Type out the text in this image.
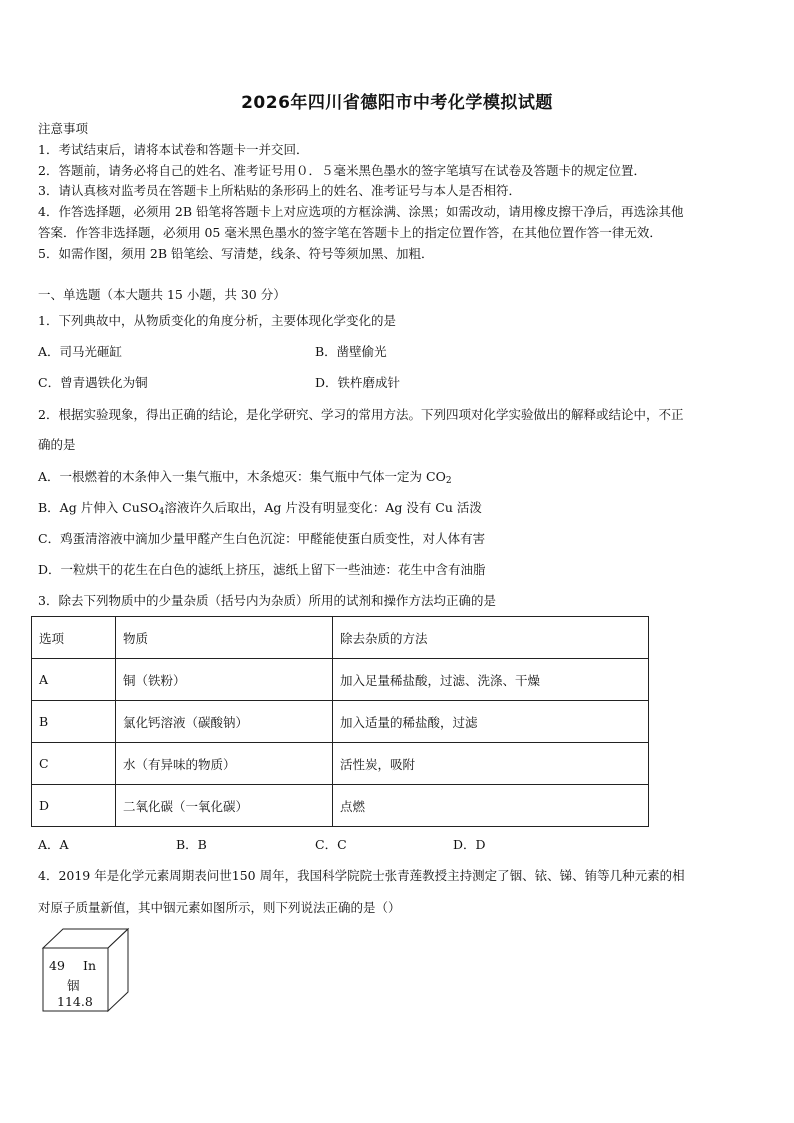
2026年四川省德阳市中考化学模拟试题
注意事项
1．考试结束后，请将本试卷和答题卡一并交回．
2．答题前，请务必将自己的姓名、准考证号用０．５毫米黑色墨水的签字笔填写在试卷及答题卡的规定位置．
3．请认真核对监考员在答题卡上所粘贴的条形码上的姓名、准考证号与本人是否相符．
4．作答选择题，必须用 2B 铅笔将答题卡上对应选项的方框涂满、涂黑；如需改动，请用橡皮擦干净后，再选涂其他
答案．作答非选择题，必须用 05 毫米黑色墨水的签字笔在答题卡上的指定位置作答，在其他位置作答一律无效．
5．如需作图，须用 2B 铅笔绘、写清楚，线条、符号等须加黑、加粗．
一、单选题（本大题共 15 小题，共 30 分）
1．下列典故中，从物质变化的角度分析，主要体现化学变化的是
A．司马光砸缸	B．凿壁偷光
C．曾青遇铁化为铜	D．铁杵磨成针
2．根据实验现象，得出正确的结论，是化学研究、学习的常用方法。下列四项对化学实验做出的解释或结论中，不正
确的是
A．一根燃着的木条伸入一集气瓶中，木条熄灭：集气瓶中气体一定为 $CO_2$
B．Ag 片伸入 CuSO$_4$溶液许久后取出，Ag 片没有明显变化：Ag 没有 Cu 活泼
C．鸡蛋清溶液中滴加少量甲醛产生白色沉淀：甲醛能使蛋白质变性，对人体有害
D．一粒烘干的花生在白色的滤纸上挤压，滤纸上留下一些油迹：花生中含有油脂
3．除去下列物质中的少量杂质（括号内为杂质）所用的试剂和操作方法均正确的是
选项	物质	除去杂质的方法
A	铜（铁粉）	加入足量稀盐酸，过滤、洗涤、干燥
B	氯化钙溶液（碳酸钠）	加入适量的稀盐酸，过滤
C	水（有异味的物质）	活性炭，吸附
D	二氧化碳（一氧化碳）	点燃
A．A	B．B	C．C	D．D
4．2019 年是化学元素周期表问世150 周年，我国科学院院士张青莲教授主持测定了铟、铱、锑、铕等几种元素的相
对原子质量新值，其中铟元素如图所示，则下列说法正确的是（）
49 In
铟
114.8
